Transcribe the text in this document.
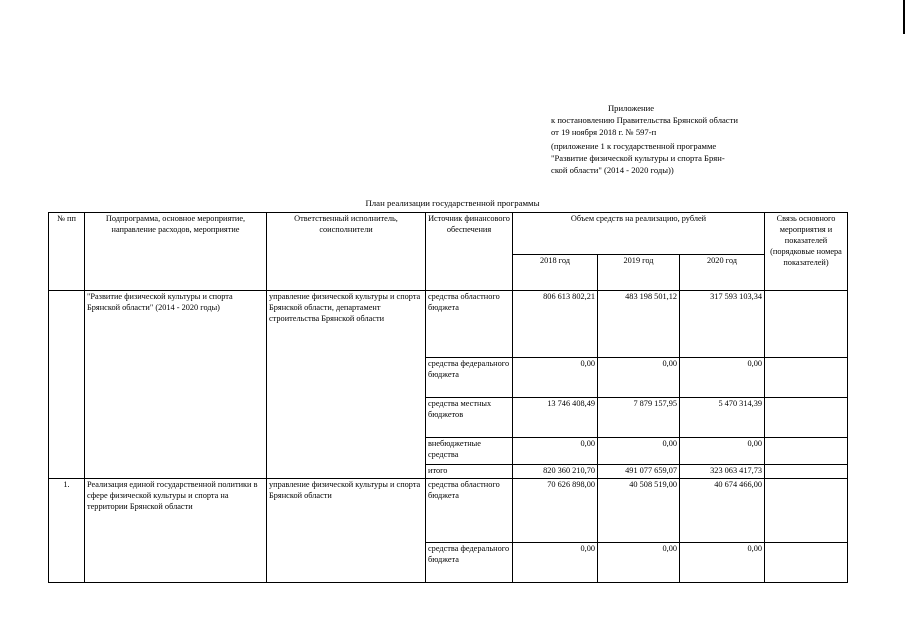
Приложение
к постановлению Правительства Брянской области
от 19 ноября 2018 г. № 597-п
(приложение 1 к государственной программе
"Развитие физической культуры и спорта Брян-
ской области" (2014 - 2020 годы))
План реализации государственной программы
№ пп	Подпрограмма, основное мероприятие, направление расходов, мероприятие	Ответственный исполнитель, соисполнители	Источник финансового обеспечения	Объем средств на реализацию, рублей			Связь основного мероприятия и показателей (порядковые номера показателей)
				2018 год	2019 год	2020 год	
	"Развитие физической культуры и спорта Брянской области" (2014 - 2020 годы)	управление физической культуры и спорта Брянской области, департамент строительства Брянской области	средства областного бюджета	806 613 802,21	483 198 501,12	317 593 103,34	
			средства федерального бюджета	0,00	0,00	0,00	
			средства местных бюджетов	13 746 408,49	7 879 157,95	5 470 314,39	
			внебюджетные средства	0,00	0,00	0,00	
			итого	820 360 210,70	491 077 659,07	323 063 417,73	
1.	Реализация единой государственной политики в сфере физической культуры и спорта на территории Брянской области	управление физической культуры и спорта Брянской области	средства областного бюджета	70 626 898,00	40 508 519,00	40 674 466,00	
			средства федерального бюджета	0,00	0,00	0,00	
